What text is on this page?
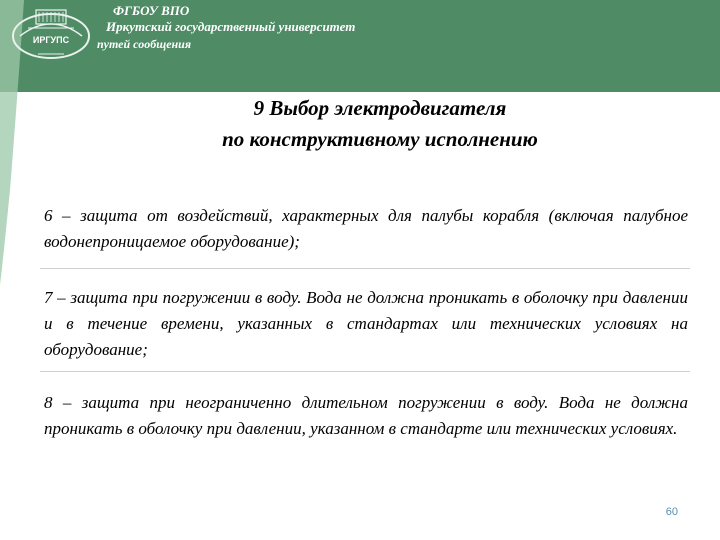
ИРГУПС
ФГБОУ ВПО
Иркутский государственный университет
путей сообщения
9 Выбор электродвигателя
по конструктивному исполнению
6 – защита от воздействий, характерных для палубы корабля (включая палубное водонепроницаемое оборудование);
7 – защита при погружении в воду. Вода не должна проникать в оболочку при давлении и в течение времени, указанных в стандартах или технических условиях на оборудование;
8 – защита при неограниченно длительном погружении в воду. Вода не должна проникать в оболочку при давлении, указанном в стандарте или технических условиях.
60
